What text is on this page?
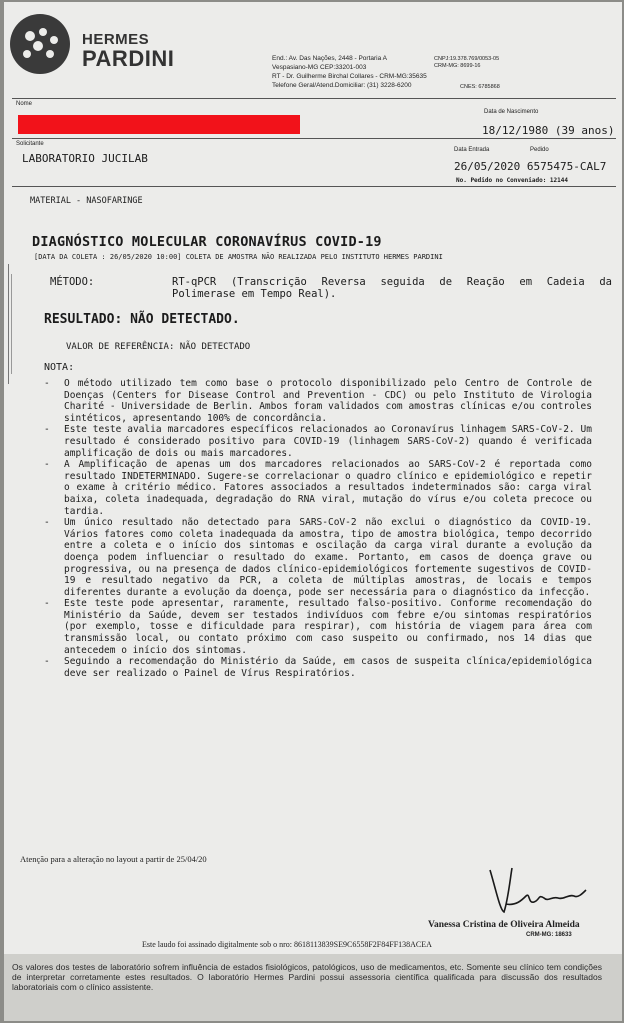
HERMES
PARDINI	End.: Av. Das Nações, 2448 - Portaria A
Vespasiano-MG CEP:33201-003
RT - Dr. Guilherme Birchal Collares - CRM-MG:35635
Telefone Geral/Atend.Domiciliar: (31) 3228-6200
CNPJ:19.378.769/0053-05
CRM-MG: 8699-16
CNES: 6785868
Nome
Data de Nascimento
18/12/1980 (39 anos)
Solicitante
LABORATORIO JUCILAB
Data Entrada	Pedido
26/05/2020 6575475-CAL7
No. Pedido no Conveniado: 12144
MATERIAL - NASOFARINGE
DIAGNÓSTICO MOLECULAR CORONAVÍRUS COVID-19
[DATA DA COLETA : 26/05/2020 10:00] COLETA DE AMOSTRA NÃO REALIZADA PELO INSTITUTO HERMES PARDINI
MÉTODO:	RT-qPCR (Transcrição Reversa seguida de Reação em Cadeia da
Polimerase em Tempo Real).
RESULTADO: NÃO DETECTADO.
VALOR DE REFERÊNCIA: NÃO DETECTADO
NOTA:
- O método utilizado tem como base o protocolo disponibilizado pelo Centro de Controle de Doenças (Centers for Disease Control and Prevention - CDC) ou pelo Instituto de Virologia Charité - Universidade de Berlin. Ambos foram validados com amostras clínicas e/ou controles sintéticos, apresentando 100% de concordância.
- Este teste avalia marcadores específicos relacionados ao Coronavírus linhagem SARS-CoV-2. Um resultado é considerado positivo para COVID-19 (linhagem SARS-CoV-2) quando é verificada amplificação de dois ou mais marcadores.
- A Amplificação de apenas um dos marcadores relacionados ao SARS-CoV-2 é reportada como resultado INDETERMINADO. Sugere-se correlacionar o quadro clínico e epidemiológico e repetir o exame à critério médico. Fatores associados a resultados indeterminados são: carga viral baixa, coleta inadequada, degradação do RNA viral, mutação do vírus e/ou coleta precoce ou tardia.
- Um único resultado não detectado para SARS-CoV-2 não exclui o diagnóstico da COVID-19. Vários fatores como coleta inadequada da amostra, tipo de amostra biológica, tempo decorrido entre a coleta e o início dos sintomas e oscilação da carga viral durante a evolução da doença podem influenciar o resultado do exame. Portanto, em casos de doença grave ou progressiva, ou na presença de dados clínico-epidemiológicos fortemente sugestivos de COVID-19 e resultado negativo da PCR, a coleta de múltiplas amostras, de locais e tempos diferentes durante a evolução da doença, pode ser necessária para o diagnóstico da infecção.
- Este teste pode apresentar, raramente, resultado falso-positivo. Conforme recomendação do Ministério da Saúde, devem ser testados indivíduos com febre e/ou sintomas respiratórios (por exemplo, tosse e dificuldade para respirar), com história de viagem para área com transmissão local, ou contato próximo com caso suspeito ou confirmado, nos 14 dias que antecedem o início dos sintomas.
- Seguindo a recomendação do Ministério da Saúde, em casos de suspeita clínica/epidemiológica deve ser realizado o Painel de Vírus Respiratórios.
Atenção para a alteração no layout a partir de 25/04/20
Vanessa Cristina de Oliveira Almeida
CRM-MG: 18633
Este laudo foi assinado digitalmente sob o nro: 8618113839SE9C6558F2F84FF138ACEA

Os valores dos testes de laboratório sofrem influência de estados fisiológicos, patológicos, uso de medicamentos, etc. Somente seu clínico tem condições de interpretar corretamente estes resultados. O laboratório Hermes Pardini possui assessoria científica qualificada para discussão dos resultados laboratoriais com o clínico assistente.
